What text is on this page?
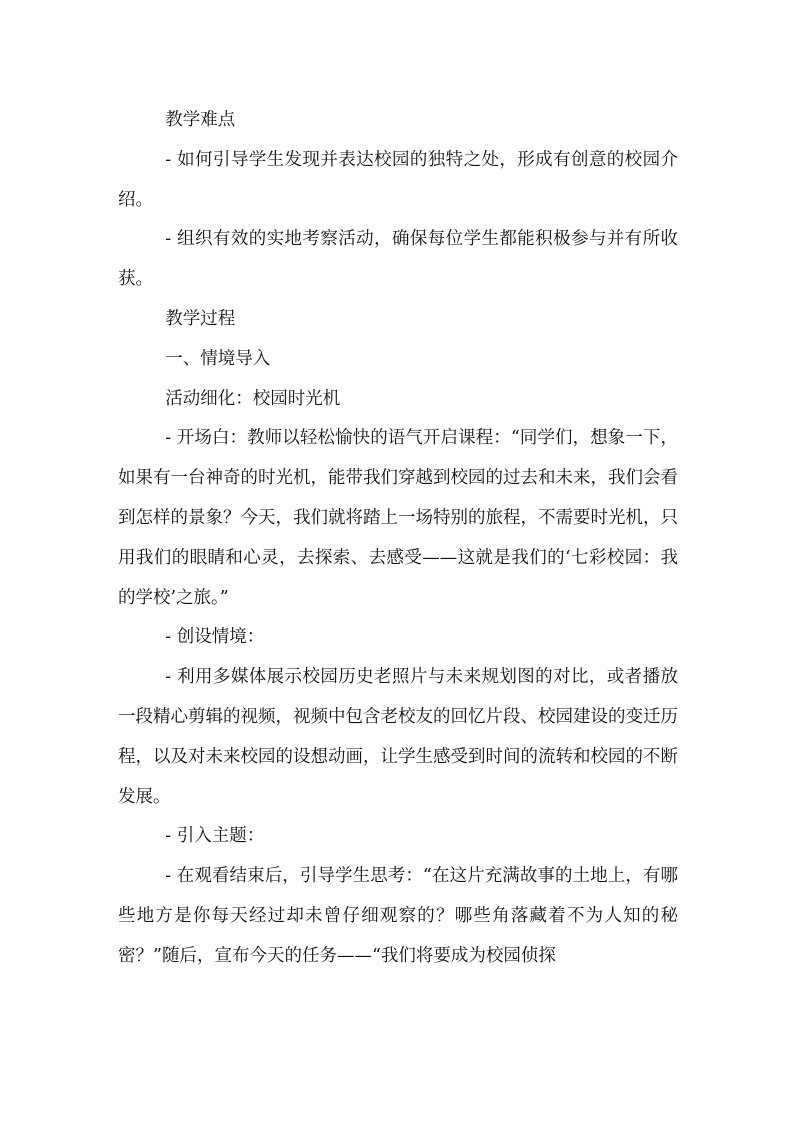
教学难点

- 如何引导学生发现并表达校园的独特之处，形成有创意的校园介绍。

- 组织有效的实地考察活动，确保每位学生都能积极参与并有所收获。

教学过程

一、情境导入

活动细化：校园时光机

- 开场白：教师以轻松愉快的语气开启课程：“同学们，想象一下，如果有一台神奇的时光机，能带我们穿越到校园的过去和未来，我们会看到怎样的景象？今天，我们就将踏上一场特别的旅程，不需要时光机，只用我们的眼睛和心灵，去探索、去感受——这就是我们的‘七彩校园：我的学校’之旅。”

- 创设情境：

- 利用多媒体展示校园历史老照片与未来规划图的对比，或者播放一段精心剪辑的视频，视频中包含老校友的回忆片段、校园建设的变迁历程，以及对未来校园的设想动画，让学生感受到时间的流转和校园的不断发展。

- 引入主题：

- 在观看结束后，引导学生思考：“在这片充满故事的土地上，有哪些地方是你每天经过却未曾仔细观察的？哪些角落藏着不为人知的秘密？”随后，宣布今天的任务——“我们将要成为校园侦探
